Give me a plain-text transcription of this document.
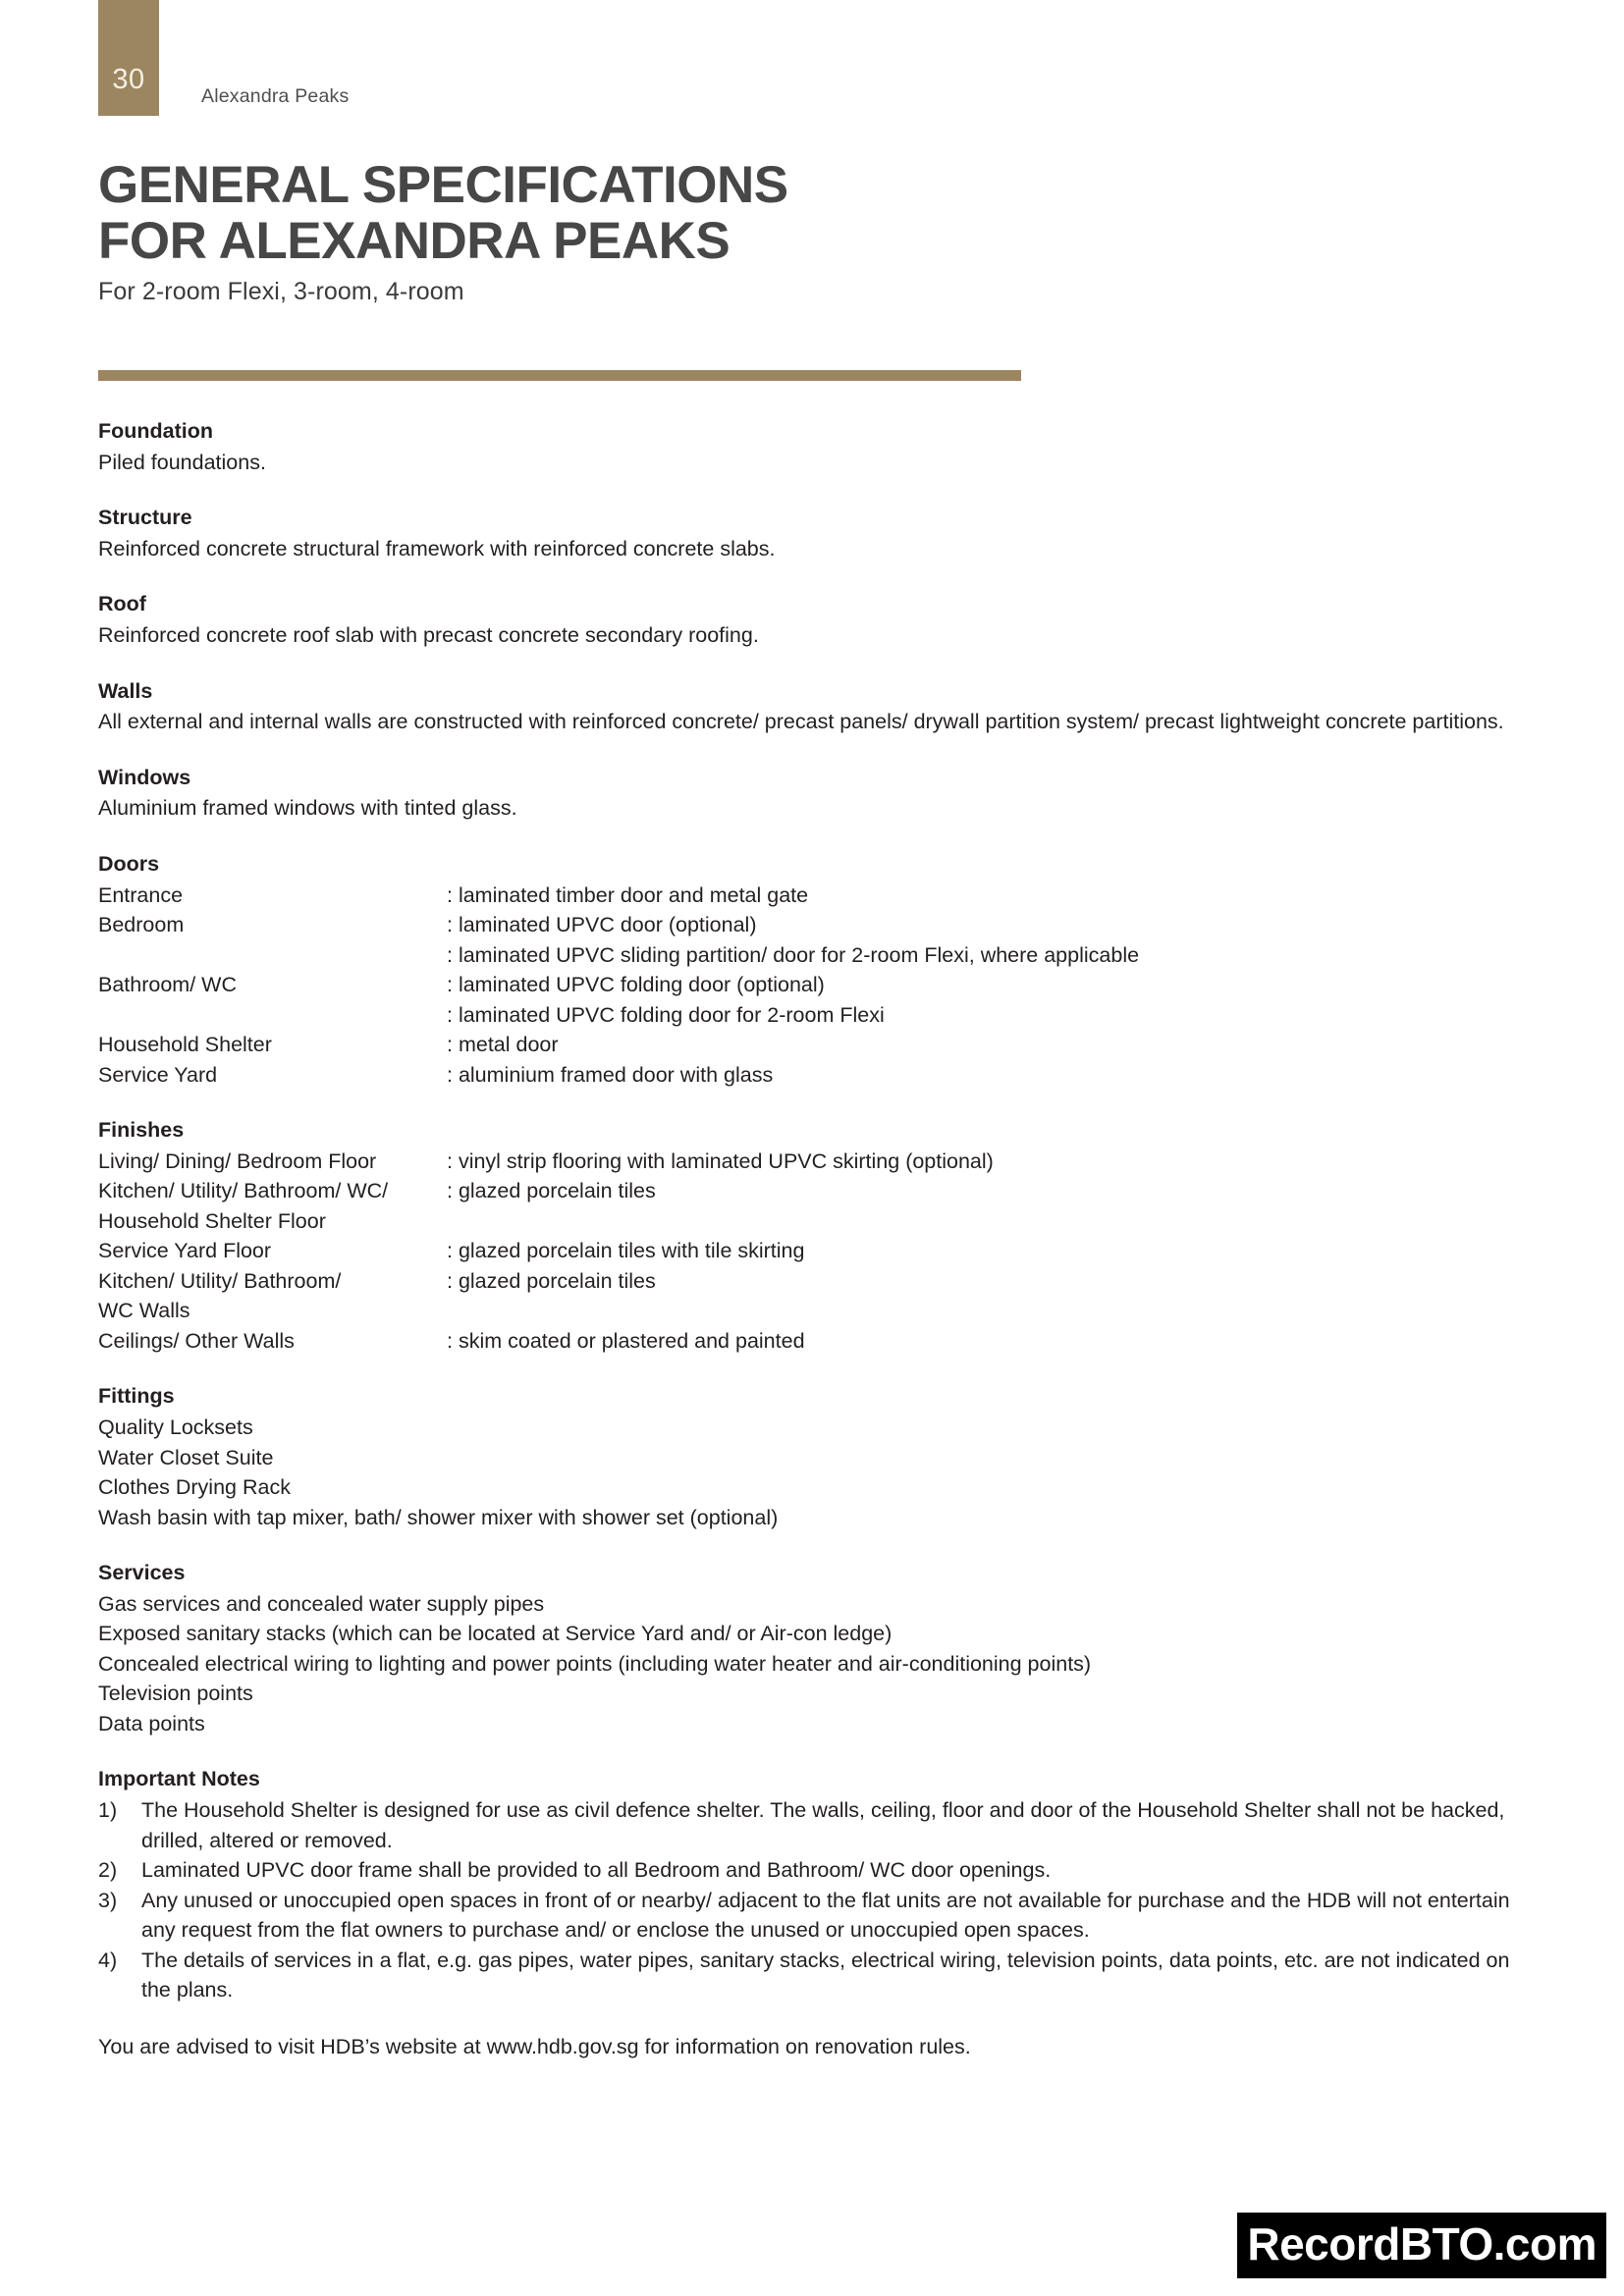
30
Alexandra Peaks
GENERAL SPECIFICATIONS
FOR ALEXANDRA PEAKS

For 2-room Flexi, 3-room, 4-room

Foundation
Piled foundations.
Structure
Reinforced concrete structural framework with reinforced concrete slabs.
Roof
Reinforced concrete roof slab with precast concrete secondary roofing.
Walls
All external and internal walls are constructed with reinforced concrete/ precast panels/ drywall partition system/ precast lightweight concrete partitions.
Windows
Aluminium framed windows with tinted glass.
Doors
Entrance	: laminated timber door and metal gate
Bedroom	: laminated UPVC door (optional)
: laminated UPVC sliding partition/ door for 2-room Flexi, where applicable
Bathroom/ WC	: laminated UPVC folding door (optional)
: laminated UPVC folding door for 2-room Flexi
Household Shelter	: metal door
Service Yard	: aluminium framed door with glass
Finishes
Living/ Dining/ Bedroom Floor	: vinyl strip flooring with laminated UPVC skirting (optional)
Kitchen/ Utility/ Bathroom/ WC/	: glazed porcelain tiles
Household Shelter Floor
Service Yard Floor	: glazed porcelain tiles with tile skirting
Kitchen/ Utility/ Bathroom/	: glazed porcelain tiles
WC Walls
Ceilings/ Other Walls	: skim coated or plastered and painted
Fittings
Quality Locksets
Water Closet Suite
Clothes Drying Rack
Wash basin with tap mixer, bath/ shower mixer with shower set (optional)
Services
Gas services and concealed water supply pipes
Exposed sanitary stacks (which can be located at Service Yard and/ or Air-con ledge)
Concealed electrical wiring to lighting and power points (including water heater and air-conditioning points)
Television points
Data points
Important Notes
1)	The Household Shelter is designed for use as civil defence shelter. The walls, ceiling, floor and door of the Household Shelter shall not be hacked, drilled, altered or removed.
2)	Laminated UPVC door frame shall be provided to all Bedroom and Bathroom/ WC door openings.
3)	Any unused or unoccupied open spaces in front of or nearby/ adjacent to the flat units are not available for purchase and the HDB will not entertain any request from the flat owners to purchase and/ or enclose the unused or unoccupied open spaces.
4)	The details of services in a flat, e.g. gas pipes, water pipes, sanitary stacks, electrical wiring, television points, data points, etc. are not indicated on the plans.
You are advised to visit HDB’s website at www.hdb.gov.sg for information on renovation rules.
RecordBTO.com
